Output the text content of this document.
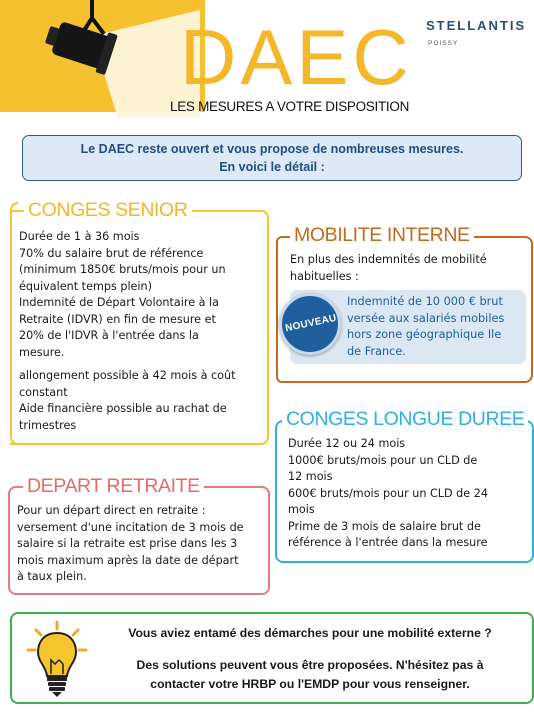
DAEC
LES MESURES A VOTRE DISPOSITION
STELLANTIS
POISSY
Le DAEC reste ouvert et vous propose de nombreuses mesures.
En voici le détail :
CONGES SENIOR
Durée de 1 à 36 mois
70% du salaire brut de référence
(minimum 1850€ bruts/mois pour un
équivalent temps plein)
Indemnité de Départ Volontaire à la
Retraite (IDVR) en fin de mesure et
20% de l'IDVR à l'entrée dans la
mesure.
allongement possible à 42 mois à coût
constant
Aide financière possible au rachat de
trimestres
MOBILITE INTERNE
En plus des indemnités de mobilité
habituelles :
NOUVEAU
Indemnité de 10 000 € brut
versée aux salariés mobiles
hors zone géographique Ile
de France.
CONGES LONGUE DUREE
Durée 12 ou 24 mois
1000€ bruts/mois pour un CLD de
12 mois
600€ bruts/mois pour un CLD de 24
mois
Prime de 3 mois de salaire brut de
référence à l'entrée dans la mesure
DEPART RETRAITE
Pour un départ direct en retraite :
versement d'une incitation de 3 mois de
salaire si la retraite est prise dans les 3
mois maximum après la date de départ
à taux plein.
Vous aviez entamé des démarches pour une mobilité externe ?
Des solutions peuvent vous être proposées. N'hésitez pas à
contacter votre HRBP ou l'EMDP pour vous renseigner.
